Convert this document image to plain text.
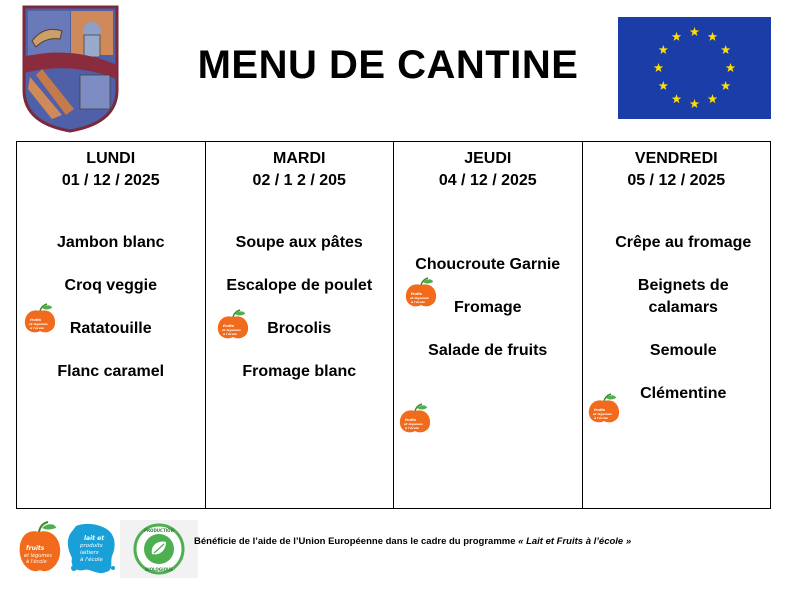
MENU DE CANTINE
LUNDI
01 / 12 / 2025
Jambon blanc
Croq veggie
Ratatouille
Flanc caramel
fruits
et légumes
à l'école
MARDI
02 / 1 2 / 205
Soupe aux pâtes
Escalope de poulet
Brocolis
Fromage blanc
fruits
et légumes
à l'école
JEUDI
04 / 12 / 2025
Choucroute Garnie
Fromage
Salade de fruits
fruits
et légumes
à l'école
fruits
et légumes
à l'école
VENDREDI
05 / 12 / 2025
Crêpe au fromage
Beignets de calamars
Semoule
Clémentine
fruits
et légumes
à l'école
fruits
et légumes
à l'école
lait et
produits
laitiers
à l'école
PRODUCTION
BIOLOGIQUE
Bénéficie de l’aide de l’Union Européenne dans le cadre du programme « Lait et Fruits à l’école »
